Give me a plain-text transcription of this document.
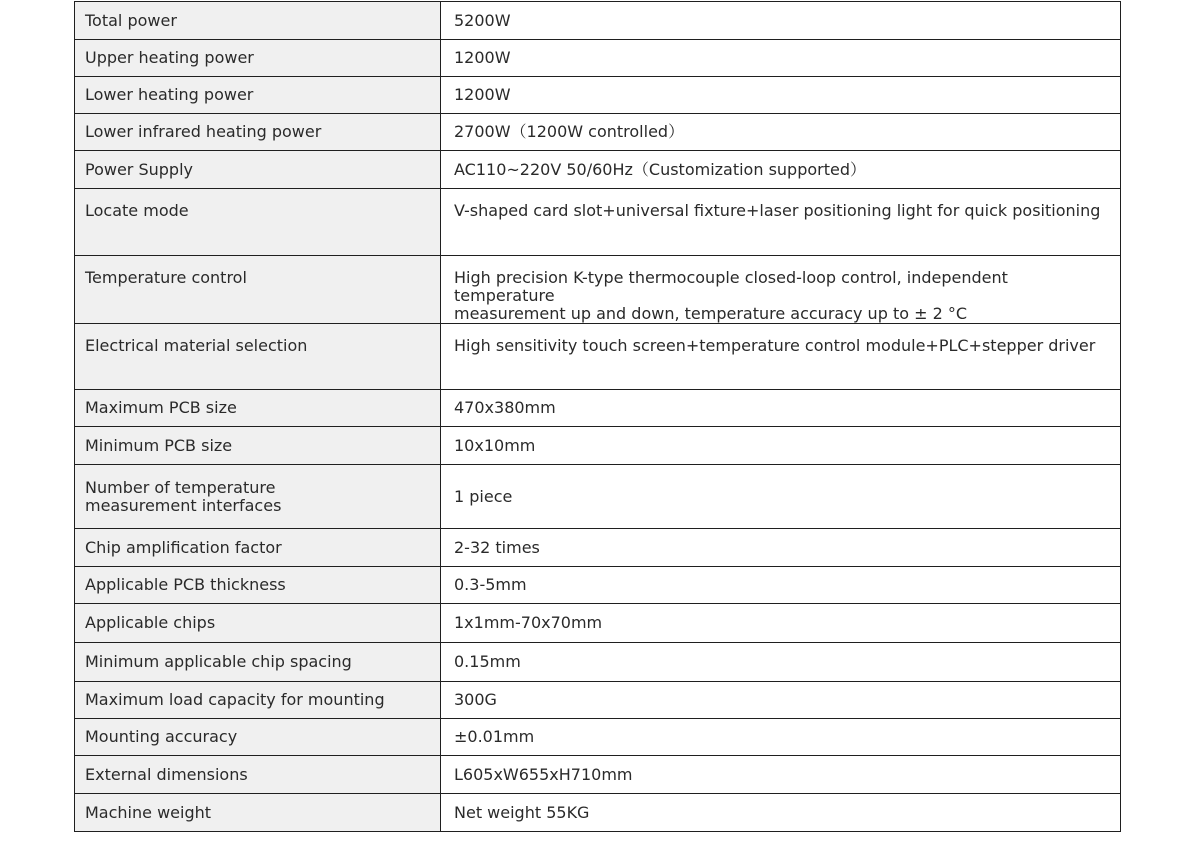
Total power	5200W
Upper heating power	1200W
Lower heating power	1200W
Lower infrared heating power	2700W（1200W controlled）
Power Supply	AC110~220V 50/60Hz（Customization supported）
Locate mode	V-shaped card slot+universal fixture+laser positioning light for quick positioning
Temperature control	High precision K-type thermocouple closed-loop control, independent temperature
measurement up and down, temperature accuracy up to ± 2 °C
Electrical material selection	High sensitivity touch screen+temperature control module+PLC+stepper driver
Maximum PCB size	470x380mm
Minimum PCB size	10x10mm
Number of temperature
measurement interfaces	1 piece
Chip amplification factor	2-32 times
Applicable PCB thickness	0.3-5mm
Applicable chips	1x1mm-70x70mm
Minimum applicable chip spacing	0.15mm
Maximum load capacity for mounting	300G
Mounting accuracy	±0.01mm
External dimensions	L605xW655xH710mm
Machine weight	Net weight 55KG
